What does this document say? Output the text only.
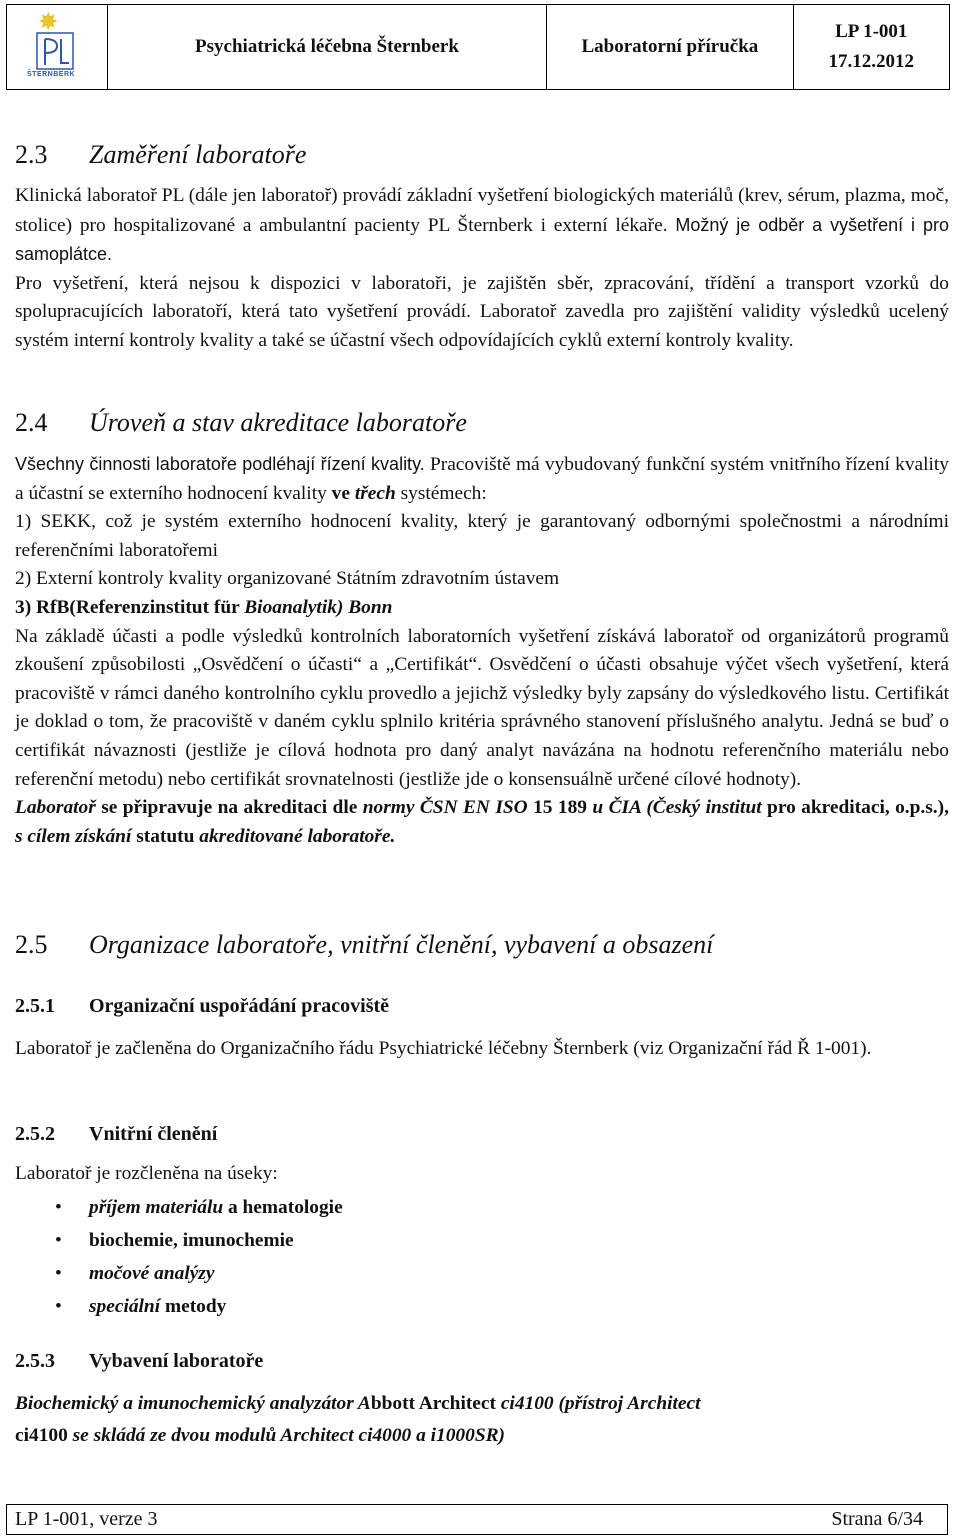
✵
ŠTERNBERK
Psychiatrická léčebna Šternberk	Laboratorní příručka
LP 1-001
17.12.2012
2.3 Zaměření laboratoře
Klinická laboratoř PL (dále jen laboratoř) provádí základní vyšetření biologických materiálů (krev, sérum, plazma, moč, stolice) pro hospitalizované a ambulantní pacienty PL Šternberk i externí lékaře. Možný je odběr a vyšetření i pro samoplátce.
Pro vyšetření, která nejsou k dispozici v laboratoři, je zajištěn sběr, zpracování, třídění a transport vzorků do spolupracujících laboratoří, která tato vyšetření provádí. Laboratoř zavedla pro zajištění validity výsledků ucelený systém interní kontroly kvality a také se účastní všech odpovídajících cyklů externí kontroly kvality.
2.4 Úroveň a stav akreditace laboratoře
Všechny činnosti laboratoře podléhají řízení kvality. Pracoviště má vybudovaný funkční systém vnitřního řízení kvality a účastní se externího hodnocení kvality ve třech systémech:
1) SEKK, což je systém externího hodnocení kvality, který je garantovaný odbornými společnostmi a národními referenčními laboratořemi
2) Externí kontroly kvality organizované Státním zdravotním ústavem
3) RfB(Referenzinstitut für Bioanalytik) Bonn
Na základě účasti a podle výsledků kontrolních laboratorních vyšetření získává laboratoř od organizátorů programů zkoušení způsobilosti „Osvědčení o účasti“ a „Certifikát“. Osvědčení o účasti obsahuje výčet všech vyšetření, která pracoviště v rámci daného kontrolního cyklu provedlo a jejichž výsledky byly zapsány do výsledkového listu. Certifikát je doklad o tom, že pracoviště v daném cyklu splnilo kritéria správného stanovení příslušného analytu. Jedná se buď o certifikát návaznosti (jestliže je cílová hodnota pro daný analyt navázána na hodnotu referenčního materiálu nebo referenční metodu) nebo certifikát srovnatelnosti (jestliže jde o konsensuálně určené cílové hodnoty).
Laboratoř se připravuje na akreditaci dle normy ČSN EN ISO 15 189 u ČIA (Český institut pro akreditaci, o.p.s.), s cílem získání statutu akreditované laboratoře.
2.5 Organizace laboratoře, vnitřní členění, vybavení a obsazení
2.5.1 Organizační uspořádání pracoviště
Laboratoř je začleněna do Organizačního řádu Psychiatrické léčebny Šternberk (viz Organizační řád Ř 1-001).
2.5.2 Vnitřní členění
Laboratoř je rozčleněna na úseky:
• příjem materiálu a hematologie
• biochemie, imunochemie
• močové analýzy
• speciální metody
2.5.3 Vybavení laboratoře
Biochemický a imunochemický analyzátor Abbott Architect ci4100 (přístroj Architect
ci4100 se skládá ze dvou modulů Architect ci4000 a i1000SR)
LP 1-001, verze 3	Strana 6/34
